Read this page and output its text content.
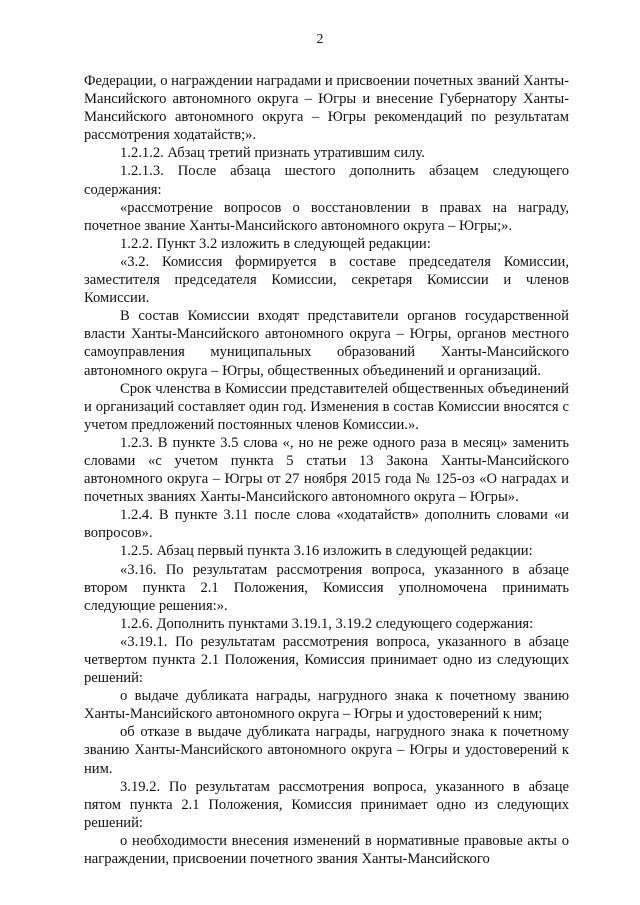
2

Федерации, о награждении наградами и присвоении почетных званий Ханты-Мансийского автономного округа – Югры и внесение Губернатору Ханты-Мансийского автономного округа – Югры рекомендаций по результатам рассмотрения ходатайств;».

1.2.1.2. Абзац третий признать утратившим силу.

1.2.1.3. После абзаца шестого дополнить абзацем следующего содержания:

«рассмотрение вопросов о восстановлении в правах на награду, почетное звание Ханты-Мансийского автономного округа – Югры;».

1.2.2. Пункт 3.2 изложить в следующей редакции:

«3.2. Комиссия формируется в составе председателя Комиссии, заместителя председателя Комиссии, секретаря Комиссии и членов Комиссии.

В состав Комиссии входят представители органов государственной власти Ханты-Мансийского автономного округа – Югры, органов местного самоуправления муниципальных образований Ханты-Мансийского автономного округа – Югры, общественных объединений и организаций.

Срок членства в Комиссии представителей общественных объединений и организаций составляет один год. Изменения в состав Комиссии вносятся с учетом предложений постоянных членов Комиссии.».

1.2.3. В пункте 3.5 слова «, но не реже одного раза в месяц» заменить словами «с учетом пункта 5 статьи 13 Закона Ханты-Мансийского автономного округа – Югры от 27 ноября 2015 года № 125-оз «О наградах и почетных званиях Ханты-Мансийского автономного округа – Югры».

1.2.4. В пункте 3.11 после слова «ходатайств» дополнить словами «и вопросов».

1.2.5. Абзац первый пункта 3.16 изложить в следующей редакции:

«3.16. По результатам рассмотрения вопроса, указанного в абзаце втором пункта 2.1 Положения, Комиссия уполномочена принимать следующие решения:».

1.2.6. Дополнить пунктами 3.19.1, 3.19.2 следующего содержания:

«3.19.1. По результатам рассмотрения вопроса, указанного в абзаце четвертом пункта 2.1 Положения, Комиссия принимает одно из следующих решений:

о выдаче дубликата награды, нагрудного знака к почетному званию Ханты-Мансийского автономного округа – Югры и удостоверений к ним;

об отказе в выдаче дубликата награды, нагрудного знака к почетному званию Ханты-Мансийского автономного округа – Югры и удостоверений к ним.

3.19.2. По результатам рассмотрения вопроса, указанного в абзаце пятом пункта 2.1 Положения, Комиссия принимает одно из следующих решений:

о необходимости внесения изменений в нормативные правовые акты о награждении, присвоении почетного звания Ханты-Мансийского
